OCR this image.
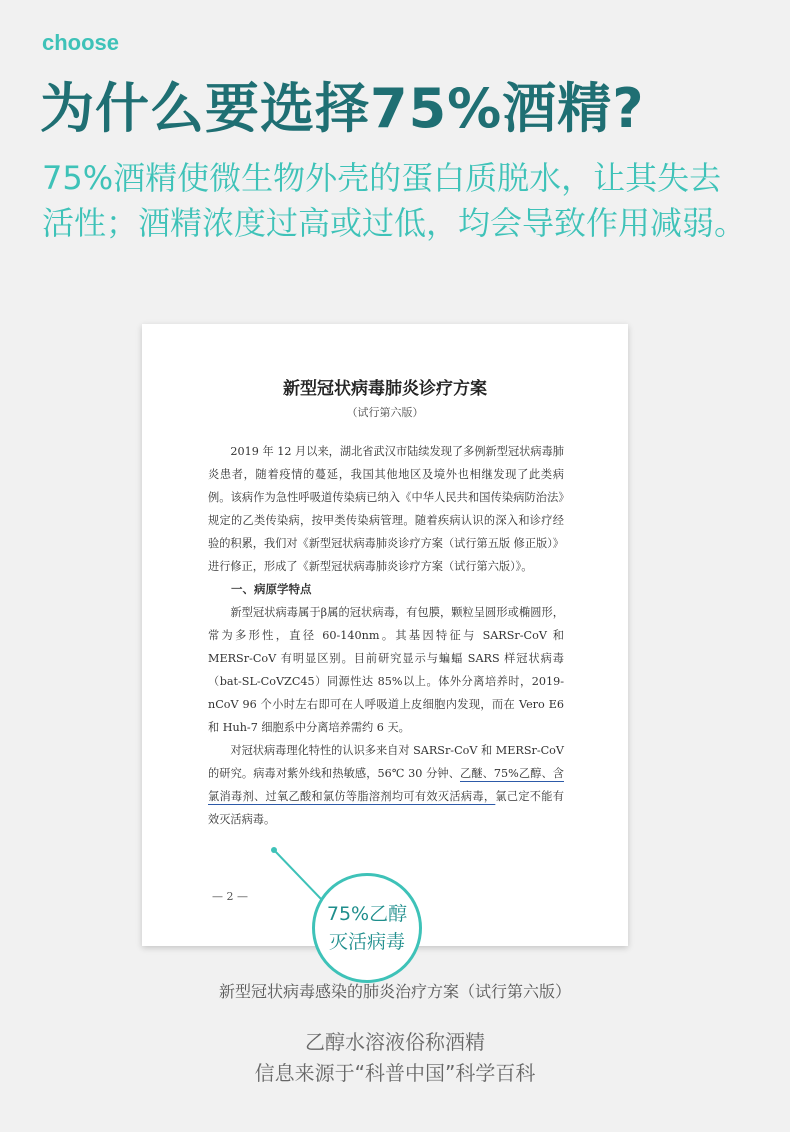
choose
为什么要选择75%酒精?

75%酒精使微生物外壳的蛋白质脱水，让其失去活性；酒精浓度过高或过低，均会导致作用减弱。

新型冠状病毒肺炎诊疗方案
（试行第六版）

2019 年 12 月以来，湖北省武汉市陆续发现了多例新型冠状病毒肺炎患者，随着疫情的蔓延，我国其他地区及境外也相继发现了此类病例。该病作为急性呼吸道传染病已纳入《中华人民共和国传染病防治法》规定的乙类传染病，按甲类传染病管理。随着疾病认识的深入和诊疗经验的积累，我们对《新型冠状病毒肺炎诊疗方案（试行第五版 修正版）》进行修正，形成了《新型冠状病毒肺炎诊疗方案（试行第六版）》。

一、病原学特点

新型冠状病毒属于β属的冠状病毒，有包膜，颗粒呈圆形或椭圆形，常为多形性，直径 60-140nm。其基因特征与 SARSr-CoV 和 MERSr-CoV 有明显区别。目前研究显示与蝙蝠 SARS 样冠状病毒（bat-SL-CoVZC45）同源性达 85%以上。体外分离培养时，2019-nCoV 96 个小时左右即可在人呼吸道上皮细胞内发现，而在 Vero E6 和 Huh-7 细胞系中分离培养需约 6 天。

对冠状病毒理化特性的认识多来自对 SARSr-CoV 和 MERSr-CoV 的研究。病毒对紫外线和热敏感，56℃ 30 分钟、乙醚、75%乙醇、含氯消毒剂、过氧乙酸和氯仿等脂溶剂均可有效灭活病毒，氯己定不能有效灭活病毒。

— 2 —
75%乙醇
灭活病毒
新型冠状病毒感染的肺炎治疗方案（试行第六版）
乙醇水溶液俗称酒精
信息来源于“科普中国”科学百科
